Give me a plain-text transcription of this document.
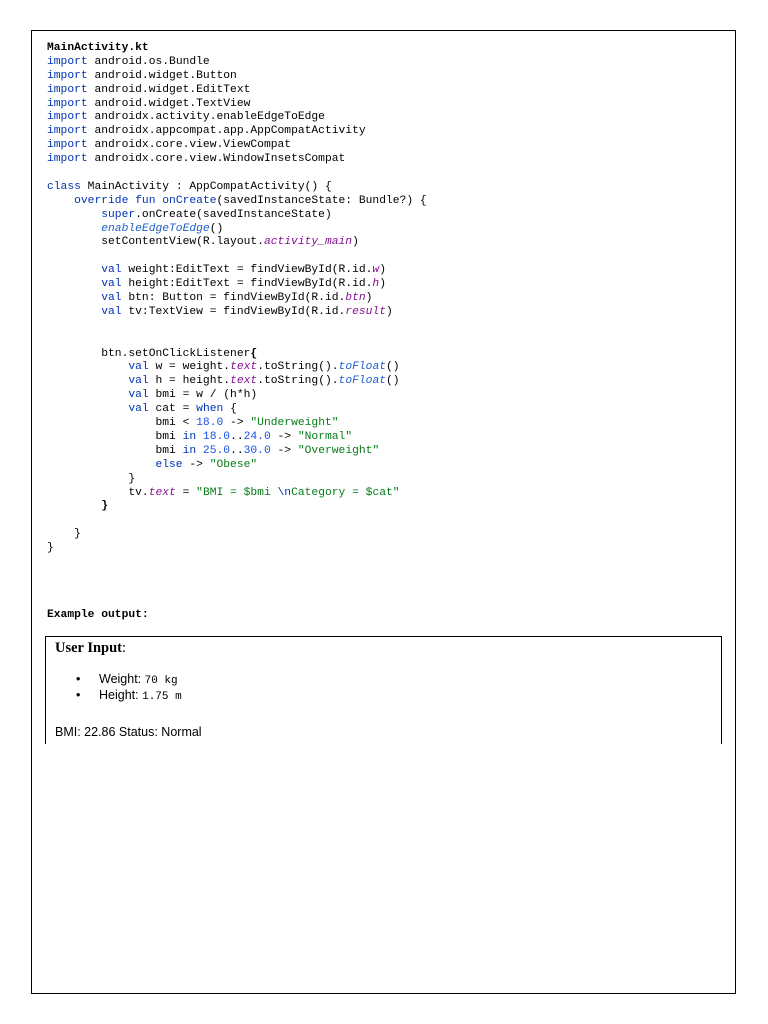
MainActivity.kt
import android.os.Bundle
import android.widget.Button
import android.widget.EditText
import android.widget.TextView
import androidx.activity.enableEdgeToEdge
import androidx.appcompat.app.AppCompatActivity
import androidx.core.view.ViewCompat
import androidx.core.view.WindowInsetsCompat
class MainActivity : AppCompatActivity() {
override fun onCreate(savedInstanceState: Bundle?) {
super.onCreate(savedInstanceState)
enableEdgeToEdge()
setContentView(R.layout.activity_main)
val weight:EditText = findViewById(R.id.w)
val height:EditText = findViewById(R.id.h)
val btn: Button = findViewById(R.id.btn)
val tv:TextView = findViewById(R.id.result)
btn.setOnClickListener{
val w = weight.text.toString().toFloat()
val h = height.text.toString().toFloat()
val bmi = w / (h*h)
val cat = when {
bmi < 18.0 -> "Underweight"
bmi in 18.0..24.0 -> "Normal"
bmi in 25.0..30.0 -> "Overweight"
else -> "Obese"
}
tv.text = "BMI = $bmi \nCategory = $cat"
}
}
}
Example output:
User Input:
• Weight: 70 kg
• Height: 1.75 m
BMI: 22.86 Status: Normal
